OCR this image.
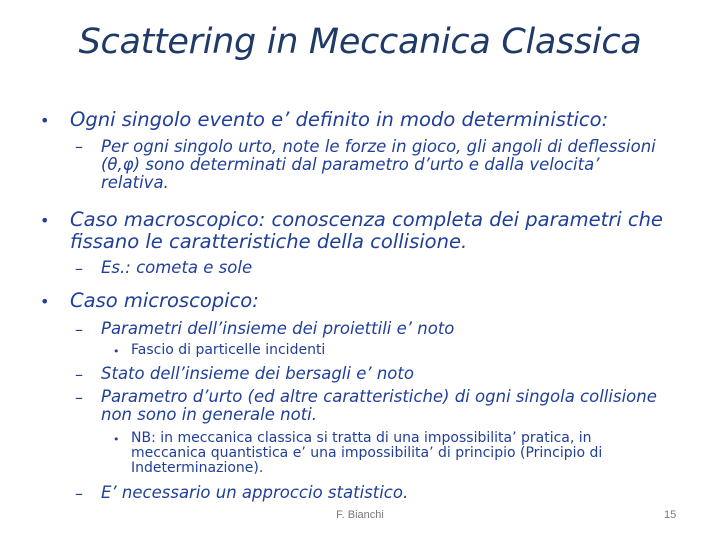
Scattering in Meccanica Classica
• Ogni singolo evento e’ definito in modo deterministico:
– Per ogni singolo urto, note le forze in gioco, gli angoli di deflessioni (θ,φ) sono determinati dal parametro d’urto e dalla velocita’ relativa.
• Caso macroscopico: conoscenza completa dei parametri che fissano le caratteristiche della collisione.
– Es.: cometa e sole
• Caso microscopico:
– Parametri dell’insieme dei proiettili e’ noto
• Fascio di particelle incidenti
– Stato dell’insieme dei bersagli e’ noto
– Parametro d’urto (ed altre caratteristiche) di ogni singola collisione non sono in generale noti.
• NB: in meccanica classica si tratta di una impossibilita’ pratica, in meccanica quantistica e’ una impossibilita’ di principio (Principio di Indeterminazione).
– E’ necessario un approccio statistico.
F. Bianchi	15
